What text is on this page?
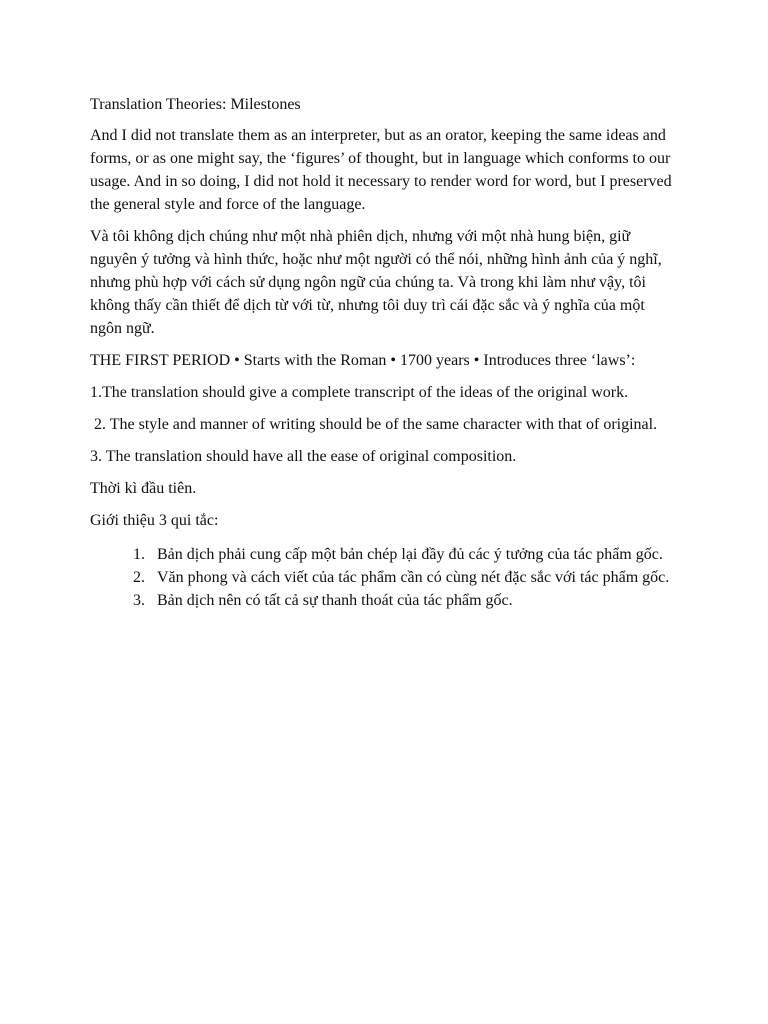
Translation Theories: Milestones

And I did not translate them as an interpreter, but as an orator, keeping the same ideas and forms, or as one might say, the ‘figures’ of thought, but in language which conforms to our usage. And in so doing, I did not hold it necessary to render word for word, but I preserved the general style and force of the language.

Và tôi không dịch chúng như một nhà phiên dịch, nhưng với một nhà hung biện, giữ nguyên ý tưởng và hình thức, hoặc như một người có thể nói, những hình ảnh của ý nghĩ, nhưng phù hợp với cách sử dụng ngôn ngữ của chúng ta. Và trong khi làm như vậy, tôi không thấy cần thiết để dịch từ với từ, nhưng tôi duy trì cái đặc sắc và ý nghĩa của một ngôn ngữ.

THE FIRST PERIOD • Starts with the Roman • 1700 years • Introduces three ‘laws’:

1.The translation should give a complete transcript of the ideas of the original work.

2. The style and manner of writing should be of the same character with that of original.

3. The translation should have all the ease of original composition.

Thời kì đầu tiên.

Giới thiệu 3 qui tắc:

1. Bản dịch phải cung cấp một bản chép lại đầy đủ các ý tưởng của tác phẩm gốc.
2. Văn phong và cách viết của tác phẩm cần có cùng nét đặc sắc với tác phẩm gốc.
3. Bản dịch nên có tất cả sự thanh thoát của tác phẩm gốc.
